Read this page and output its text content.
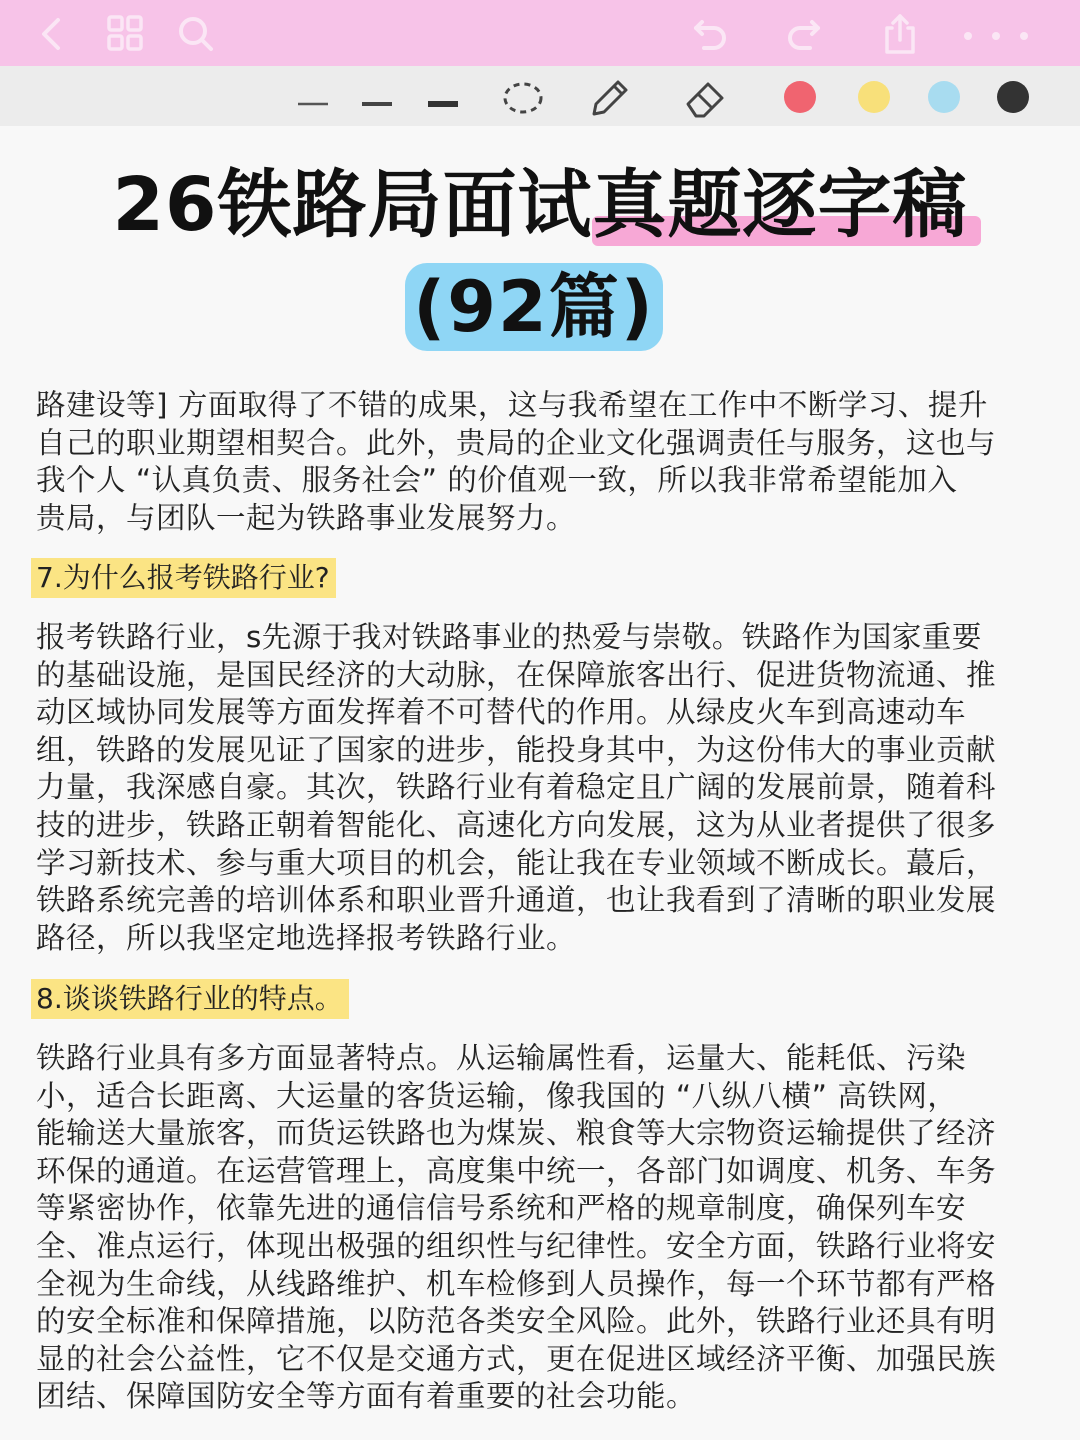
26铁路局面试
真题逐字稿
(92篇)
路建设等] 方面取得了不错的成果，这与我希望在工作中不断学习、提升
自己的职业期望相契合。此外，贵局的企业文化强调责任与服务，这也与
我个人 “认真负责、服务社会” 的价值观一致，所以我非常希望能加入
贵局，与团队一起为铁路事业发展努力。
7.为什么报考铁路行业?
报考铁路行业，s先源于我对铁路事业的热爱与崇敬。铁路作为国家重要
的基础设施，是国民经济的大动脉，在保障旅客出行、促进货物流通、推
动区域协同发展等方面发挥着不可替代的作用。从绿皮火车到高速动车
组，铁路的发展见证了国家的进步，能投身其中，为这份伟大的事业贡献
力量，我深感自豪。其次，铁路行业有着稳定且广阔的发展前景，随着科
技的进步，铁路正朝着智能化、高速化方向发展，这为从业者提供了很多
学习新技术、参与重大项目的机会，能让我在专业领域不断成长。蕞后，
铁路系统完善的培训体系和职业晋升通道，也让我看到了清晰的职业发展
路径，所以我坚定地选择报考铁路行业。
8.谈谈铁路行业的特点。
铁路行业具有多方面显著特点。从运输属性看，运量大、能耗低、污染
小，适合长距离、大运量的客货运输，像我国的 “八纵八横” 高铁网，
能输送大量旅客，而货运铁路也为煤炭、粮食等大宗物资运输提供了经济
环保的通道。在运营管理上，高度集中统一，各部门如调度、机务、车务
等紧密协作，依靠先进的通信信号系统和严格的规章制度，确保列车安
全、准点运行，体现出极强的组织性与纪律性。安全方面，铁路行业将安
全视为生命线，从线路维护、机车检修到人员操作，每一个环节都有严格
的安全标准和保障措施，以防范各类安全风险。此外，铁路行业还具有明
显的社会公益性，它不仅是交通方式，更在促进区域经济平衡、加强民族
团结、保障国防安全等方面有着重要的社会功能。
